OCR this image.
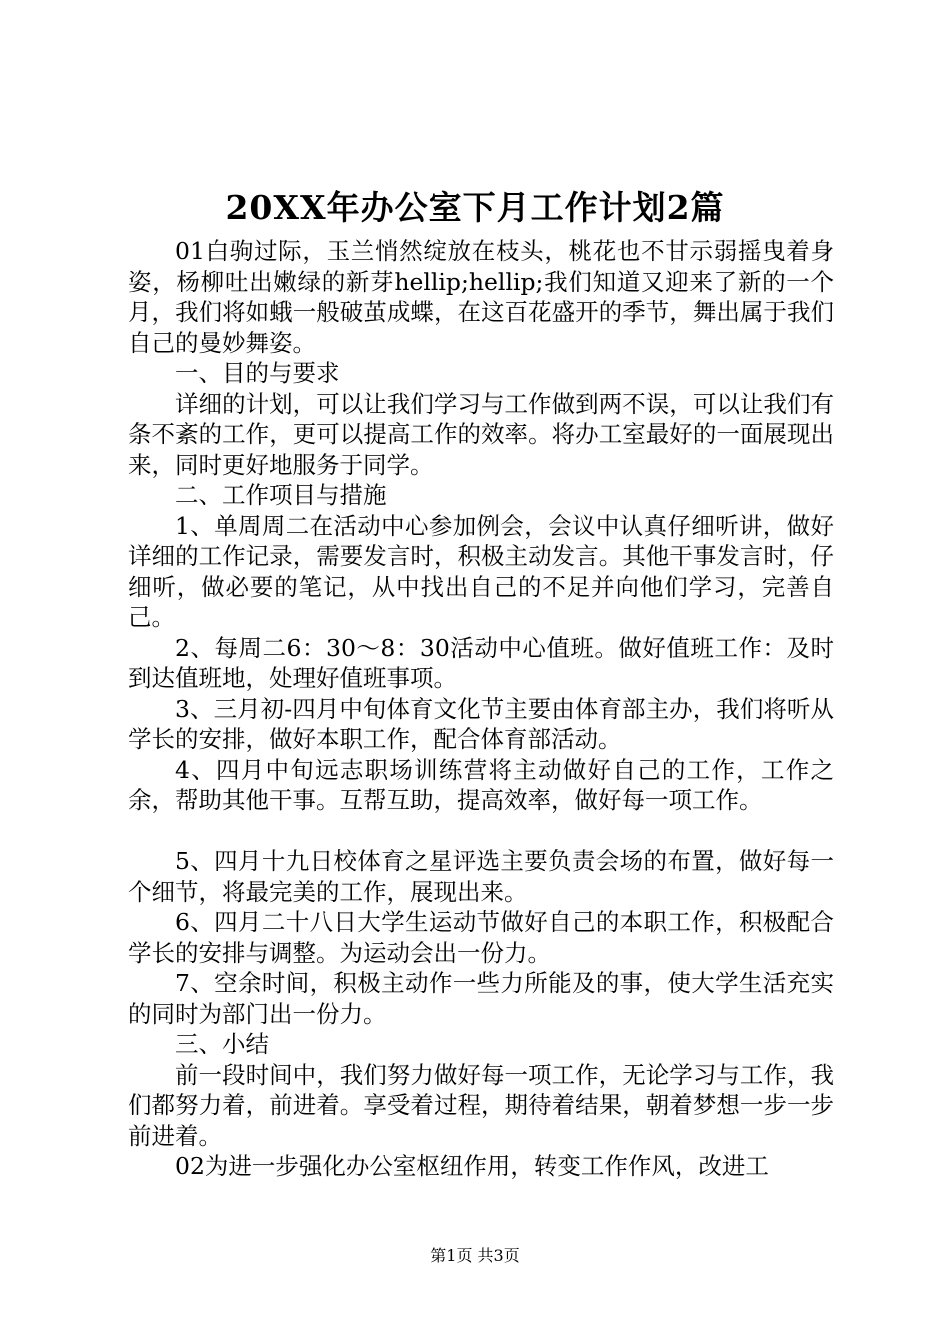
20XX年办公室下月工作计划2篇

01白驹过际，玉兰悄然绽放在枝头，桃花也不甘示弱摇曳着身姿，杨柳吐出嫩绿的新芽hellip;hellip;我们知道又迎来了新的一个月，我们将如蛾一般破茧成蝶，在这百花盛开的季节，舞出属于我们自己的曼妙舞姿。

一、目的与要求

详细的计划，可以让我们学习与工作做到两不误，可以让我们有条不紊的工作，更可以提高工作的效率。将办工室最好的一面展现出来，同时更好地服务于同学。

二、工作项目与措施

1、单周周二在活动中心参加例会，会议中认真仔细听讲，做好详细的工作记录，需要发言时，积极主动发言。其他干事发言时，仔细听，做必要的笔记，从中找出自己的不足并向他们学习，完善自己。

2、每周二6：30～8：30活动中心值班。做好值班工作：及时到达值班地，处理好值班事项。

3、三月初-四月中旬体育文化节主要由体育部主办，我们将听从学长的安排，做好本职工作，配合体育部活动。

4、四月中旬远志职场训练营将主动做好自己的工作，工作之余，帮助其他干事。互帮互助，提高效率，做好每一项工作。

5、四月十九日校体育之星评选主要负责会场的布置，做好每一个细节，将最完美的工作，展现出来。

6、四月二十八日大学生运动节做好自己的本职工作，积极配合学长的安排与调整。为运动会出一份力。

7、空余时间，积极主动作一些力所能及的事，使大学生活充实的同时为部门出一份力。

三、小结

前一段时间中，我们努力做好每一项工作，无论学习与工作，我们都努力着，前进着。享受着过程，期待着结果，朝着梦想一步一步前进着。

02为进一步强化办公室枢纽作用，转变工作作风，改进工

第1页 共3页
